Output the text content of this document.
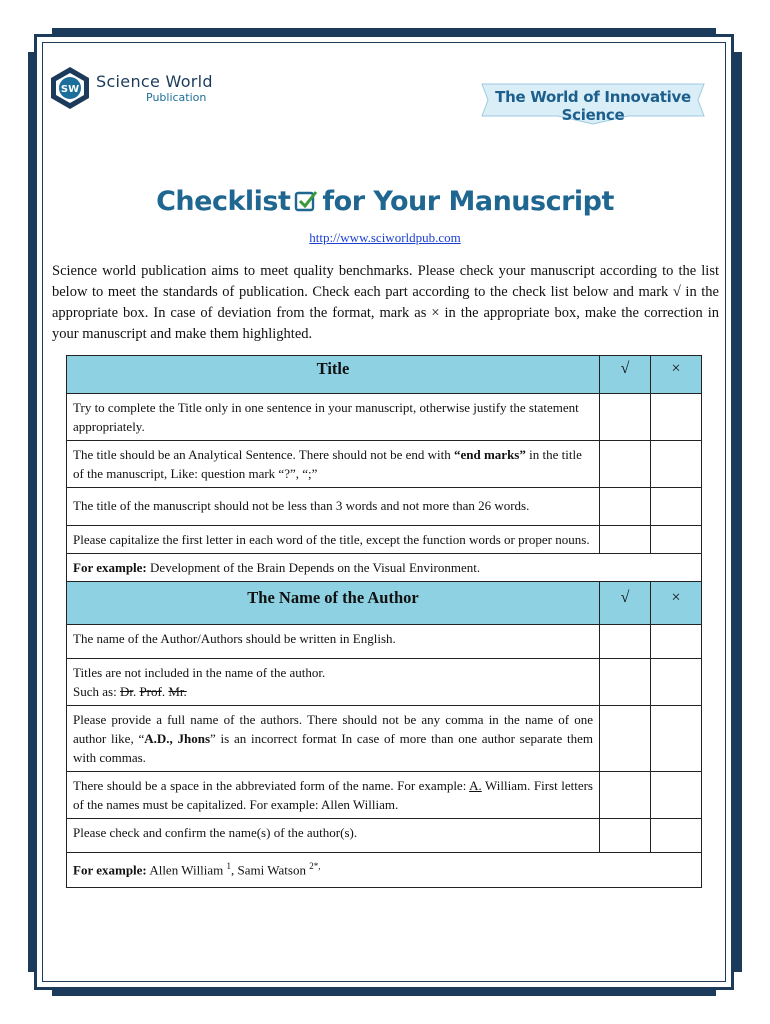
SW Science World
Publication	The World of Innovative Science
Checklist for Your Manuscript
http://www.sciworldpub.com
Science world publication aims to meet quality benchmarks. Please check your manuscript according to the list below to meet the standards of publication. Check each part according to the check list below and mark √ in the appropriate box. In case of deviation from the format, mark as × in the appropriate box, make the correction in your manuscript and make them highlighted.
Title	√	×
Try to complete the Title only in one sentence in your manuscript, otherwise justify the statement appropriately.		
The title should be an Analytical Sentence. There should not be end with “end marks” in the title of the manuscript, Like: question mark “?”, “;”		
The title of the manuscript should not be less than 3 words and not more than 26 words.		
Please capitalize the first letter in each word of the title, except the function words or proper nouns.		
For example: Development of the Brain Depends on the Visual Environment.		
The Name of the Author	√	×
The name of the Author/Authors should be written in English.		
Titles are not included in the name of the author.
Such as: Dr. Prof. Mr.		
Please provide a full name of the authors. There should not be any comma in the name of one author like, “A.D., Jhons” is an incorrect format In case of more than one author separate them with commas.		
There should be a space in the abbreviated form of the name. For example: A. William. First letters of the names must be capitalized. For example: Allen William.		
Please check and confirm the name(s) of the author(s).		
For example: Allen William $^1$, Sami Watson $^{2*,}$
